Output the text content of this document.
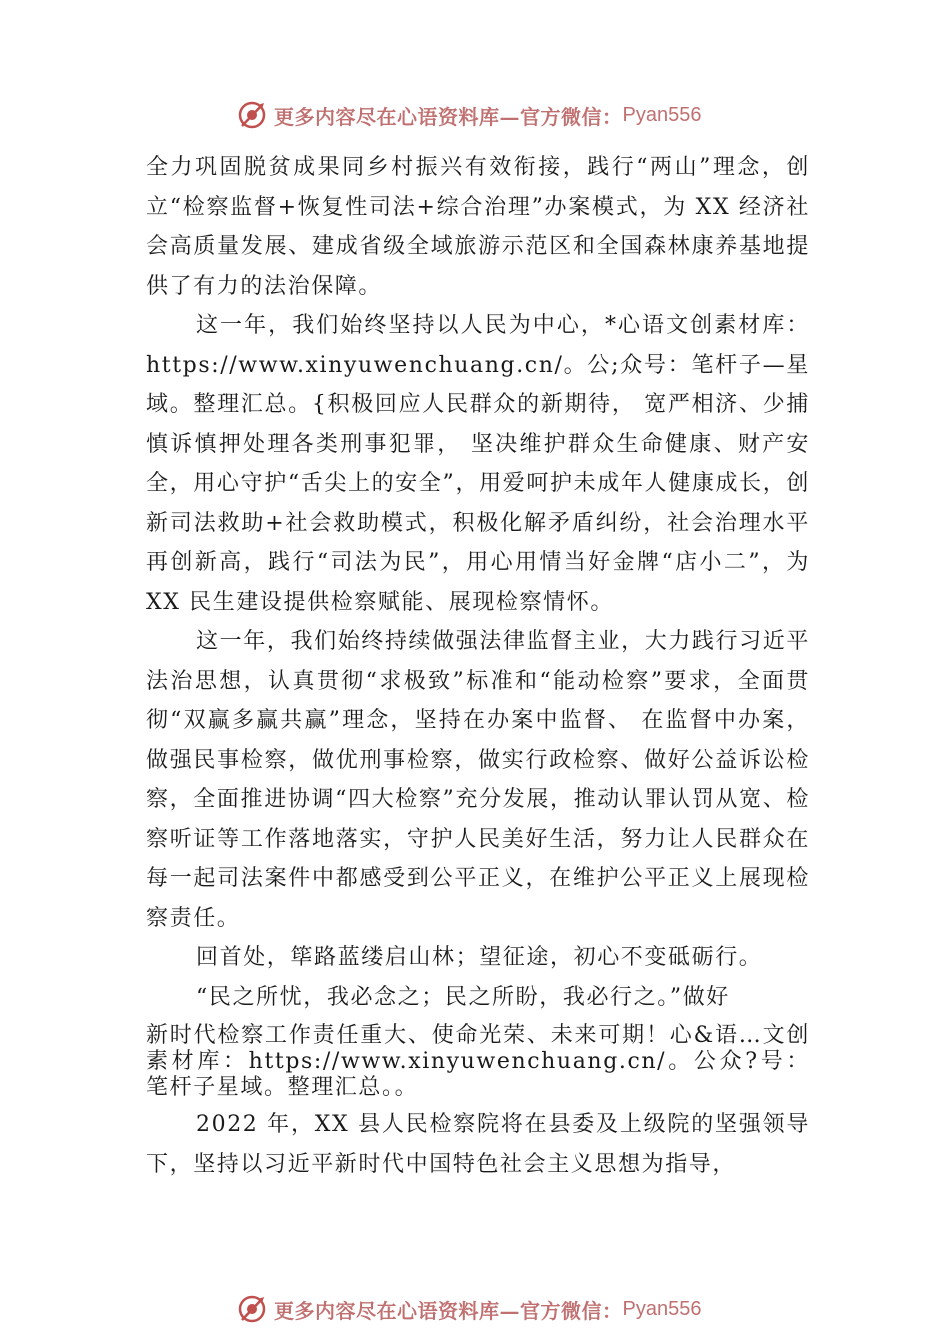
更多内容尽在心语资料库—官方微信： Pyan556

全力巩固脱贫成果同乡村振兴有效衔接，践行“两山”理念，创立“检察监督+恢复性司法+综合治理”办案模式，为 XX 经济社会高质量发展、建成省级全域旅游示范区和全国森林康养基地提供了有力的法治保障。

这一年，我们始终坚持以人民为中心，*心语文创素材库：https://www.xinyuwenchuang.cn/。公;众号：笔杆子—星域。整理汇总。{积极回应人民群众的新期待， 宽严相济、少捕慎诉慎押处理各类刑事犯罪， 坚决维护群众生命健康、财产安全，用心守护“舌尖上的安全”，用爱呵护未成年人健康成长，创新司法救助+社会救助模式，积极化解矛盾纠纷，社会治理水平再创新高，践行“司法为民”，用心用情当好金牌“店小二”，为 XX 民生建设提供检察赋能、展现检察情怀。

这一年，我们始终持续做强法律监督主业，大力践行习近平法治思想，认真贯彻“求极致”标准和“能动检察”要求，全面贯彻“双赢多赢共赢”理念，坚持在办案中监督、 在监督中办案，做强民事检察，做优刑事检察，做实行政检察、做好公益诉讼检察，全面推进协调“四大检察”充分发展，推动认罪认罚从宽、检察听证等工作落地落实，守护人民美好生活，努力让人民群众在每一起司法案件中都感受到公平正义，在维护公平正义上展现检察责任。

回首处，筚路蓝缕启山林；望征途，初心不变砥砺行。

“民之所忧，我必念之；民之所盼，我必行之。”做好

新时代检察工作责任重大、使命光荣、未来可期！心&语…文创素材库：https://www.xinyuwenchuang.cn/。公众?号：笔杆子星域。整理汇总。。

2022 年，XX 县人民检察院将在县委及上级院的坚强领导下，坚持以习近平新时代中国特色社会主义思想为指导，

更多内容尽在心语资料库—官方微信： Pyan556
